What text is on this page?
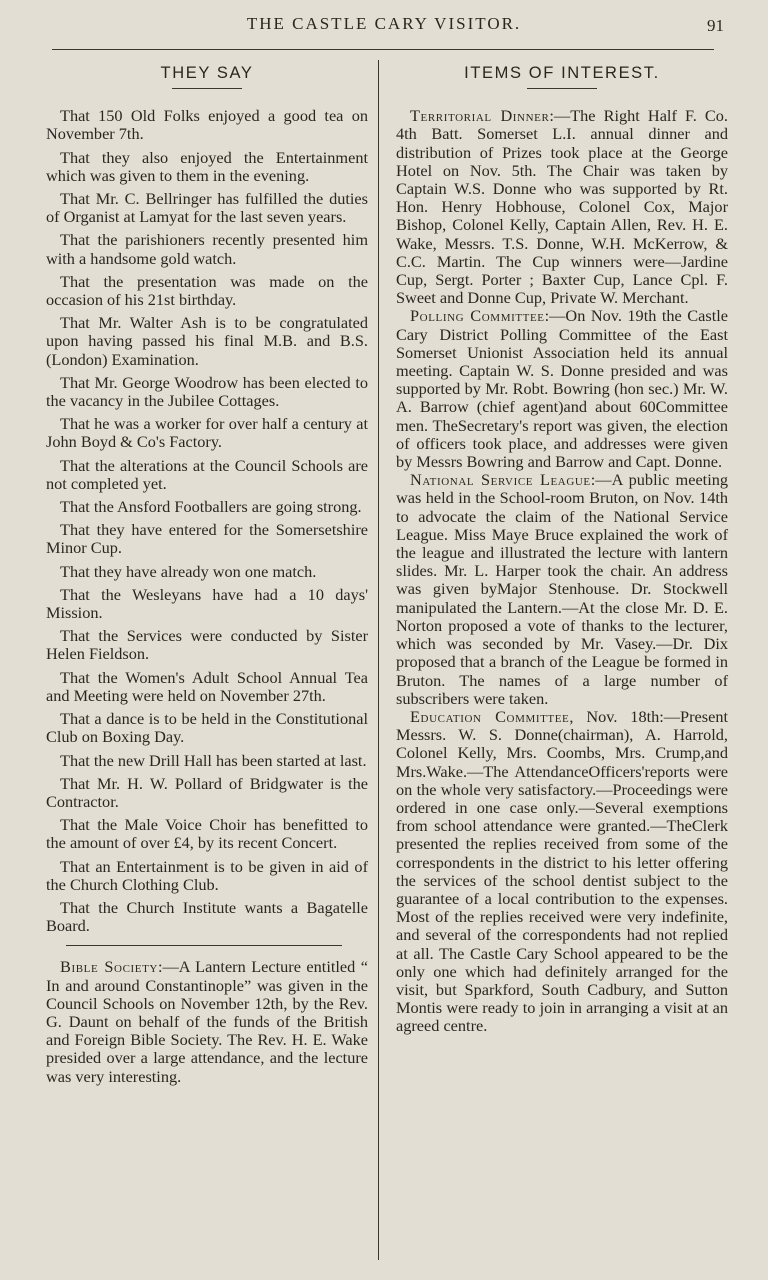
THE CASTLE CARY VISITOR.	91
THEY SAY

That 150 Old Folks enjoyed a good tea on November 7th.

That they also enjoyed the Entertainment which was given to them in the evening.

That Mr. C. Bellringer has fulfilled the duties of Organist at Lamyat for the last seven years.

That the parishioners recently presented him with a handsome gold watch.

That the presentation was made on the occasion of his 21st birthday.

That Mr. Walter Ash is to be congratulated upon having passed his final M.B. and B.S. (London) Examination.

That Mr. George Woodrow has been elected to the vacancy in the Jubilee Cottages.

That he was a worker for over half a century at John Boyd & Co's Factory.

That the alterations at the Council Schools are not completed yet.

That the Ansford Footballers are going strong.

That they have entered for the Somersetshire Minor Cup.

That they have already won one match.

That the Wesleyans have had a 10 days' Mission.

That the Services were conducted by Sister Helen Fieldson.

That the Women's Adult School Annual Tea and Meeting were held on November 27th.

That a dance is to be held in the Constitutional Club on Boxing Day.

That the new Drill Hall has been started at last.

That Mr. H. W. Pollard of Bridgwater is the Contractor.

That the Male Voice Choir has benefitted to the amount of over £4, by its recent Concert.

That an Entertainment is to be given in aid of the Church Clothing Club.

That the Church Institute wants a Bagatelle Board.

Bible Society:—A Lantern Lecture entitled “ In and around Constantinople” was given in the Council Schools on November 12th, by the Rev. G. Daunt on behalf of the funds of the British and Foreign Bible Society. The Rev. H. E. Wake presided over a large attendance, and the lecture was very interesting.

ITEMS OF INTEREST.

Territorial Dinner:—The Right Half F. Co. 4th Batt. Somerset L.I. annual dinner and distribution of Prizes took place at the George Hotel on Nov. 5th. The Chair was taken by Captain W.S. Donne who was supported by Rt. Hon. Henry Hobhouse, Colonel Cox, Major Bishop, Colonel Kelly, Captain Allen, Rev. H. E. Wake, Messrs. T.S. Donne, W.H. McKerrow, & C.C. Martin. The Cup winners were—Jardine Cup, Sergt. Porter ; Baxter Cup, Lance Cpl. F. Sweet and Donne Cup, Private W. Merchant.

Polling Committee:—On Nov. 19th the Castle Cary District Polling Committee of the East Somerset Unionist Association held its annual meeting. Captain W. S. Donne presided and was supported by Mr. Robt. Bowring (hon sec.) Mr. W. A. Barrow (chief agent)and about 60Committee men. TheSecretary's report was given, the election of officers took place, and addresses were given by Messrs Bowring and Barrow and Capt. Donne.

National Service League:—A public meeting was held in the School-room Bruton, on Nov. 14th to advocate the claim of the National Service League. Miss Maye Bruce explained the work of the league and illustrated the lecture with lantern slides. Mr. L. Harper took the chair. An address was given byMajor Stenhouse. Dr. Stockwell manipulated the Lantern.—At the close Mr. D. E. Norton proposed a vote of thanks to the lecturer, which was seconded by Mr. Vasey.—Dr. Dix proposed that a branch of the League be formed in Bruton. The names of a large number of subscribers were taken.

Education Committee, Nov. 18th:—Present Messrs. W. S. Donne(chairman), A. Harrold, Colonel Kelly, Mrs. Coombs, Mrs. Crump,and Mrs.Wake.—The AttendanceOfficers'reports were on the whole very satisfactory.—Proceedings were ordered in one case only.—Several exemptions from school attendance were granted.—TheClerk presented the replies received from some of the correspondents in the district to his letter offering the services of the school dentist subject to the guarantee of a local contribution to the expenses. Most of the replies received were very indefinite, and several of the correspondents had not replied at all. The Castle Cary School appeared to be the only one which had definitely arranged for the visit, but Sparkford, South Cadbury, and Sutton Montis were ready to join in arranging a visit at an agreed centre.
